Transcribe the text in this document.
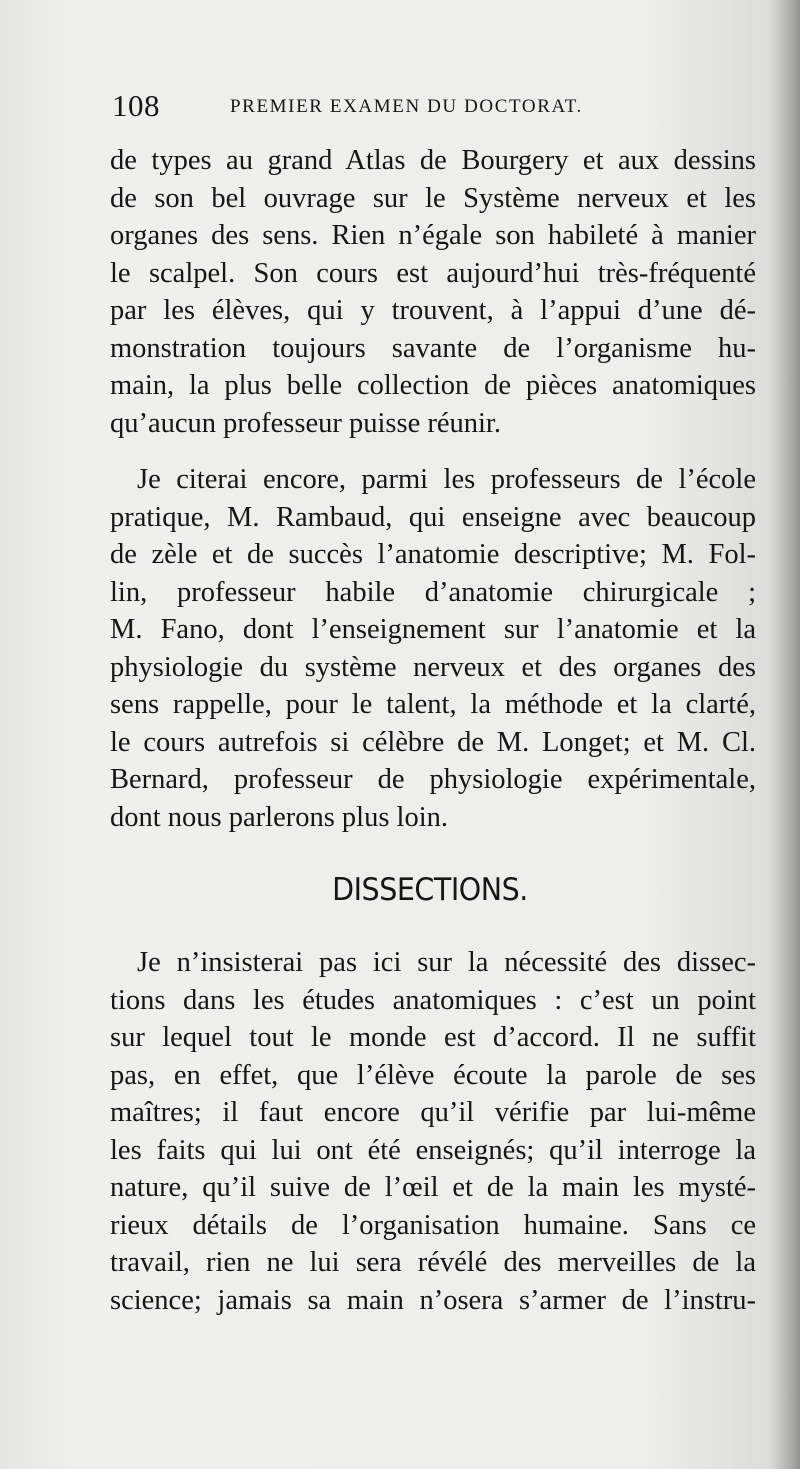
108	PREMIER EXAMEN DU DOCTORAT.
de types au grand Atlas de Bourgery et aux dessins
de son bel ouvrage sur le Système nerveux et les
organes des sens. Rien n’égale son habileté à manier
le scalpel. Son cours est aujourd’hui très-fréquenté
par les élèves, qui y trouvent, à l’appui d’une dé-
monstration toujours savante de l’organisme hu-
main, la plus belle collection de pièces anatomiques
qu’aucun professeur puisse réunir.
Je citerai encore, parmi les professeurs de l’école
pratique, M. Rambaud, qui enseigne avec beaucoup
de zèle et de succès l’anatomie descriptive; M. Fol-
lin, professeur habile d’anatomie chirurgicale ;
M. Fano, dont l’enseignement sur l’anatomie et la
physiologie du système nerveux et des organes des
sens rappelle, pour le talent, la méthode et la clarté,
le cours autrefois si célèbre de M. Longet; et M. Cl.
Bernard, professeur de physiologie expérimentale,
dont nous parlerons plus loin.
DISSECTIONS.
Je n’insisterai pas ici sur la nécessité des dissec-
tions dans les études anatomiques : c’est un point
sur lequel tout le monde est d’accord. Il ne suffit
pas, en effet, que l’élève écoute la parole de ses
maîtres; il faut encore qu’il vérifie par lui-même
les faits qui lui ont été enseignés; qu’il interroge la
nature, qu’il suive de l’œil et de la main les mysté-
rieux détails de l’organisation humaine. Sans ce
travail, rien ne lui sera révélé des merveilles de la
science; jamais sa main n’osera s’armer de l’instru-
